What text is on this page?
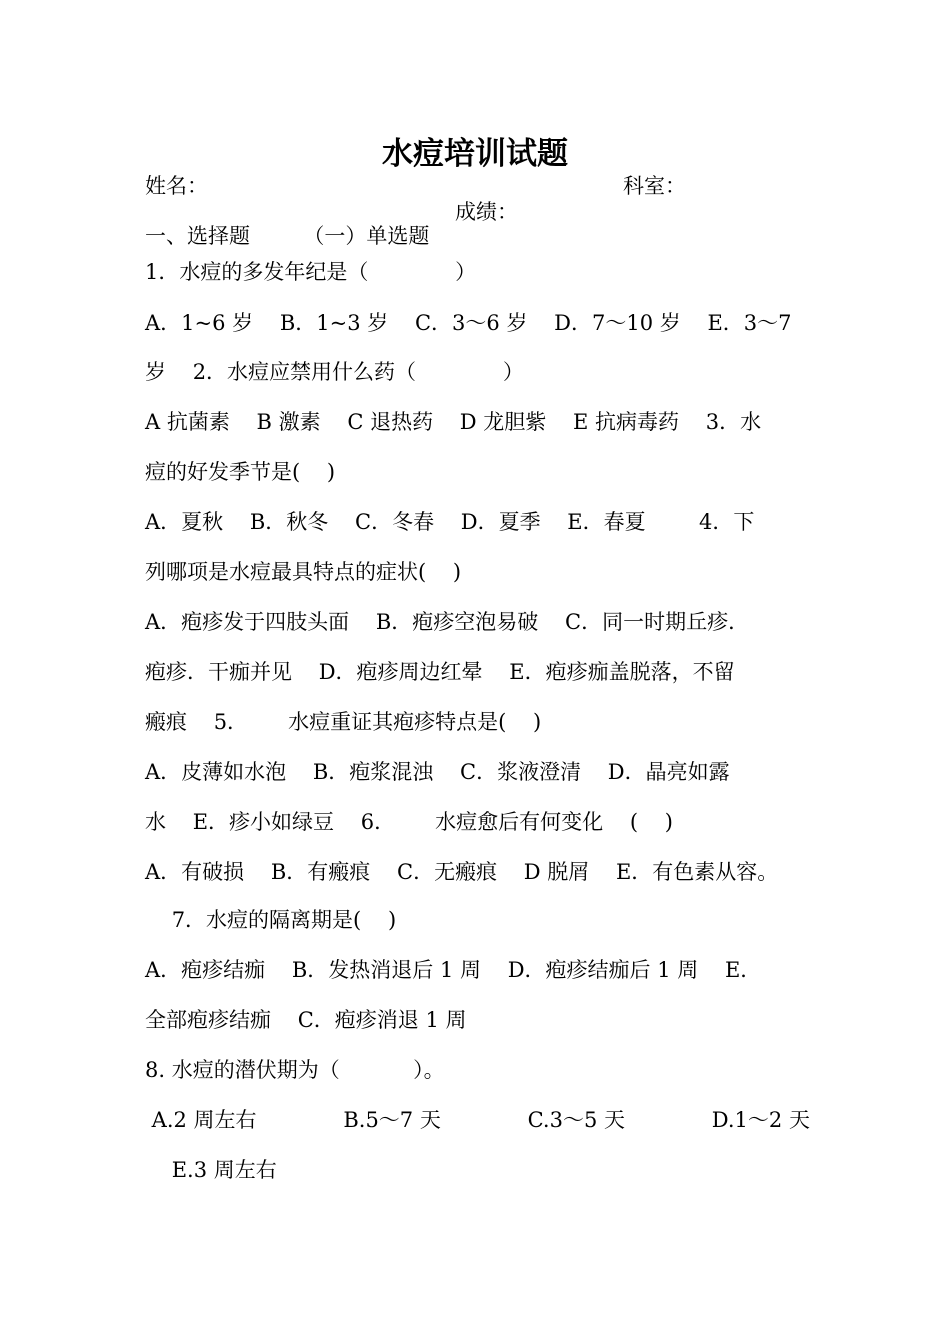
水痘培训试题
姓名：	科室：
成绩：
一、选择题        （一）单选题
1．水痘的多发年纪是（             ）
A．1~6 岁    B．1~3 岁    C．3～6 岁    D．7～10 岁    E．3～7
岁    2．水痘应禁用什么药（             ）
A 抗菌素    B 激素    C 退热药    D 龙胆紫    E 抗病毒药    3．水
痘的好发季节是(    )
A．夏秋    B．秋冬    C．冬春    D．夏季    E．春夏        4．下
列哪项是水痘最具特点的症状(    )
A．疱疹发于四肢头面    B．疱疹空泡易破    C．同一时期丘疹．
疱疹．干痂并见    D．疱疹周边红晕    E．疱疹痂盖脱落，不留
瘢痕    5．      水痘重证其疱疹特点是(    )
A．皮薄如水泡    B．疱浆混浊    C．浆液澄清    D．晶亮如露
水    E．疹小如绿豆    6．      水痘愈后有何变化    (    )
A．有破损    B．有瘢痕    C．无瘢痕    D 脱屑    E．有色素从容。
7．水痘的隔离期是(    )
A．疱疹结痂    B．发热消退后 1 周    D．疱疹结痂后 1 周    E．
全部疱疹结痂    C．疱疹消退 1 周
8. 水痘的潜伏期为（           ）。
A.2 周左右             B.5～7 天             C.3～5 天             D.1～2 天
E.3 周左右
